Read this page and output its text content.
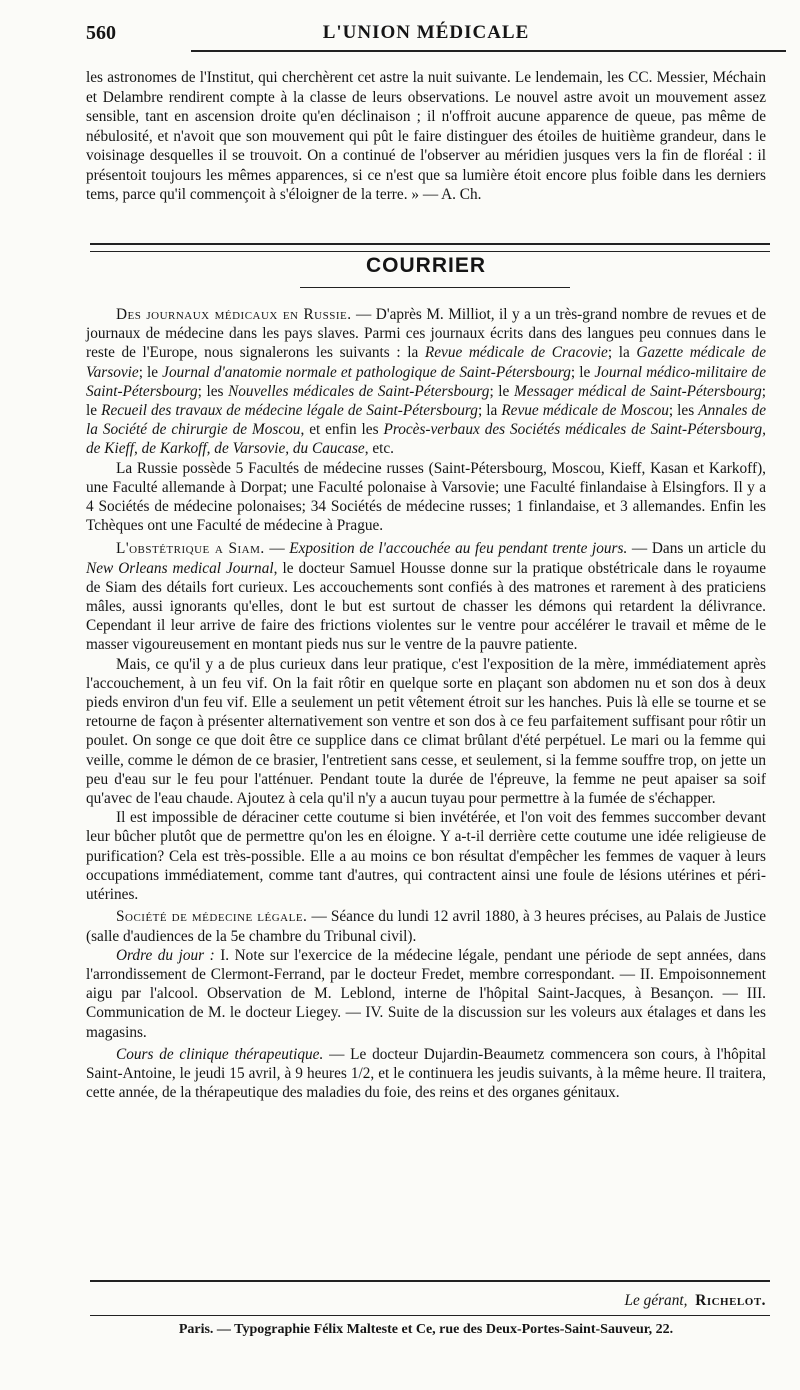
560	L'UNION MÉDICALE

les astronomes de l'Institut, qui cherchèrent cet astre la nuit suivante. Le lendemain, les CC. Messier, Méchain et Delambre rendirent compte à la classe de leurs observations. Le nouvel astre avoit un mouvement assez sensible, tant en ascension droite qu'en déclinaison ; il n'offroit aucune apparence de queue, pas même de nébulosité, et n'avoit que son mouvement qui pût le faire distinguer des étoiles de huitième grandeur, dans le voisinage desquelles il se trouvoit. On a continué de l'observer au méridien jusques vers la fin de floréal : il présentoit toujours les mêmes apparences, si ce n'est que sa lumière étoit encore plus foible dans les derniers tems, parce qu'il commençoit à s'éloigner de la terre. » — A. Ch.

COURRIER

Des journaux médicaux en Russie. — D'après M. Milliot, il y a un très-grand nombre de revues et de journaux de médecine dans les pays slaves. Parmi ces journaux écrits dans des langues peu connues dans le reste de l'Europe, nous signalerons les suivants : la Revue médicale de Cracovie; la Gazette médicale de Varsovie; le Journal d'anatomie normale et pathologique de Saint-Pétersbourg; le Journal médico-militaire de Saint-Pétersbourg; les Nouvelles médicales de Saint-Pétersbourg; le Messager médical de Saint-Pétersbourg; le Recueil des travaux de médecine légale de Saint-Pétersbourg; la Revue médicale de Moscou; les Annales de la Société de chirurgie de Moscou, et enfin les Procès-verbaux des Sociétés médicales de Saint-Pétersbourg, de Kieff, de Karkoff, de Varsovie, du Caucase, etc.

La Russie possède 5 Facultés de médecine russes (Saint-Pétersbourg, Moscou, Kieff, Kasan et Karkoff), une Faculté allemande à Dorpat; une Faculté polonaise à Varsovie; une Faculté finlandaise à Elsingfors. Il y a 4 Sociétés de médecine polonaises; 34 Sociétés de médecine russes; 1 finlandaise, et 3 allemandes. Enfin les Tchèques ont une Faculté de médecine à Prague.

L'obstétrique a Siam. — Exposition de l'accouchée au feu pendant trente jours. — Dans un article du New Orleans medical Journal, le docteur Samuel Housse donne sur la pratique obstétricale dans le royaume de Siam des détails fort curieux. Les accouchements sont confiés à des matrones et rarement à des praticiens mâles, aussi ignorants qu'elles, dont le but est surtout de chasser les démons qui retardent la délivrance. Cependant il leur arrive de faire des frictions violentes sur le ventre pour accélérer le travail et même de le masser vigoureusement en montant pieds nus sur le ventre de la pauvre patiente.

Mais, ce qu'il y a de plus curieux dans leur pratique, c'est l'exposition de la mère, immédiatement après l'accouchement, à un feu vif. On la fait rôtir en quelque sorte en plaçant son abdomen nu et son dos à deux pieds environ d'un feu vif. Elle a seulement un petit vêtement étroit sur les hanches. Puis là elle se tourne et se retourne de façon à présenter alternativement son ventre et son dos à ce feu parfaitement suffisant pour rôtir un poulet. On songe ce que doit être ce supplice dans ce climat brûlant d'été perpétuel. Le mari ou la femme qui veille, comme le démon de ce brasier, l'entretient sans cesse, et seulement, si la femme souffre trop, on jette un peu d'eau sur le feu pour l'atténuer. Pendant toute la durée de l'épreuve, la femme ne peut apaiser sa soif qu'avec de l'eau chaude. Ajoutez à cela qu'il n'y a aucun tuyau pour permettre à la fumée de s'échapper.

Il est impossible de déraciner cette coutume si bien invétérée, et l'on voit des femmes succomber devant leur bûcher plutôt que de permettre qu'on les en éloigne. Y a-t-il derrière cette coutume une idée religieuse de purification? Cela est très-possible. Elle a au moins ce bon résultat d'empêcher les femmes de vaquer à leurs occupations immédiatement, comme tant d'autres, qui contractent ainsi une foule de lésions utérines et péri-utérines.

Société de médecine légale. — Séance du lundi 12 avril 1880, à 3 heures précises, au Palais de Justice (salle d'audiences de la 5e chambre du Tribunal civil).

Ordre du jour : I. Note sur l'exercice de la médecine légale, pendant une période de sept années, dans l'arrondissement de Clermont-Ferrand, par le docteur Fredet, membre correspondant. — II. Empoisonnement aigu par l'alcool. Observation de M. Leblond, interne de l'hôpital Saint-Jacques, à Besançon. — III. Communication de M. le docteur Liegey. — IV. Suite de la discussion sur les voleurs aux étalages et dans les magasins.

Cours de clinique thérapeutique. — Le docteur Dujardin-Beaumetz commencera son cours, à l'hôpital Saint-Antoine, le jeudi 15 avril, à 9 heures 1/2, et le continuera les jeudis suivants, à la même heure. Il traitera, cette année, de la thérapeutique des maladies du foie, des reins et des organes génitaux.

Le gérant, Richelot.
Paris. — Typographie Félix Malteste et Ce, rue des Deux-Portes-Saint-Sauveur, 22.
